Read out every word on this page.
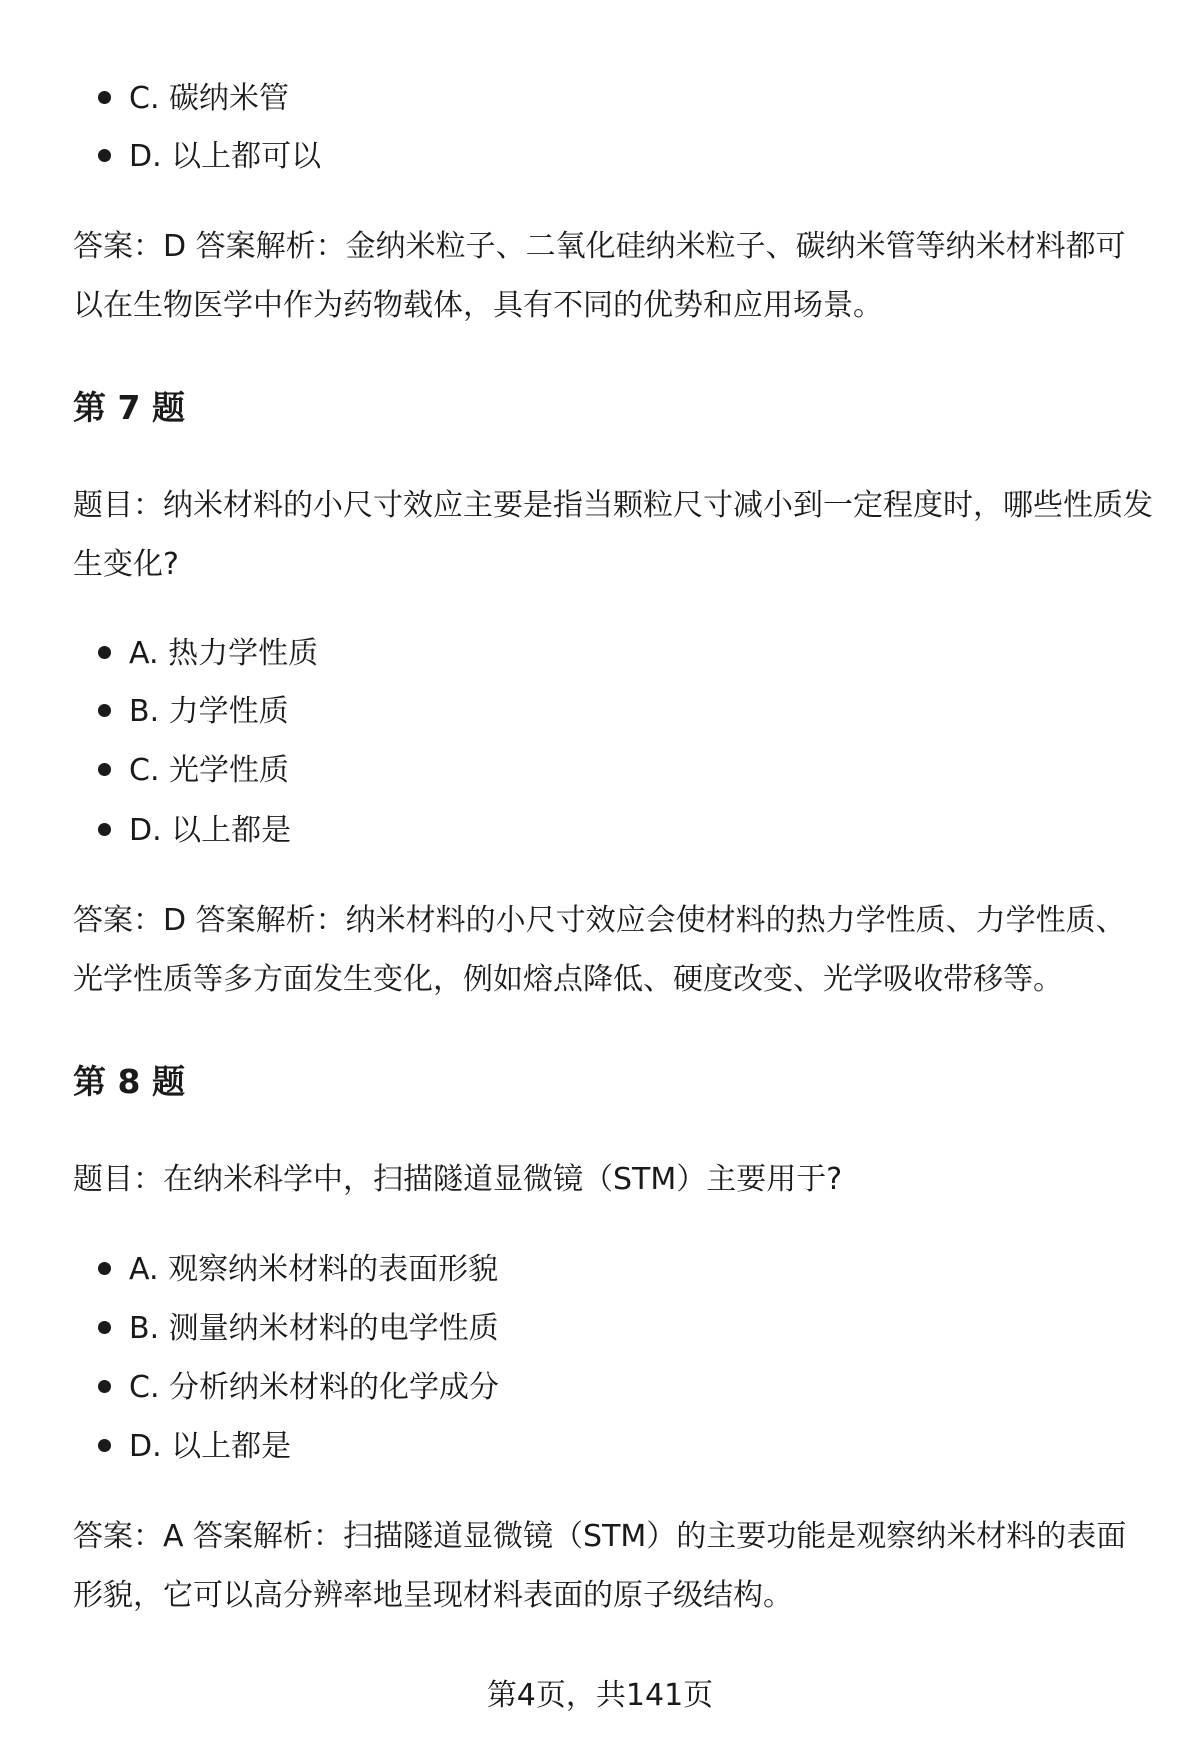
C. 碳纳米管
D. 以上都可以
答案：D 答案解析：金纳米粒子、二氧化硅纳米粒子、碳纳米管等纳米材料都可以在生物医学中作为药物载体，具有不同的优势和应用场景。
第 7 题
题目：纳米材料的小尺寸效应主要是指当颗粒尺寸减小到一定程度时，哪些性质发生变化?
A. 热力学性质
B. 力学性质
C. 光学性质
D. 以上都是
答案：D 答案解析：纳米材料的小尺寸效应会使材料的热力学性质、力学性质、光学性质等多方面发生变化，例如熔点降低、硬度改变、光学吸收带移等。
第 8 题
题目：在纳米科学中，扫描隧道显微镜（STM）主要用于?
A. 观察纳米材料的表面形貌
B. 测量纳米材料的电学性质
C. 分析纳米材料的化学成分
D. 以上都是
答案：A 答案解析：扫描隧道显微镜（STM）的主要功能是观察纳米材料的表面形貌，它可以高分辨率地呈现材料表面的原子级结构。
第4页，共141页
